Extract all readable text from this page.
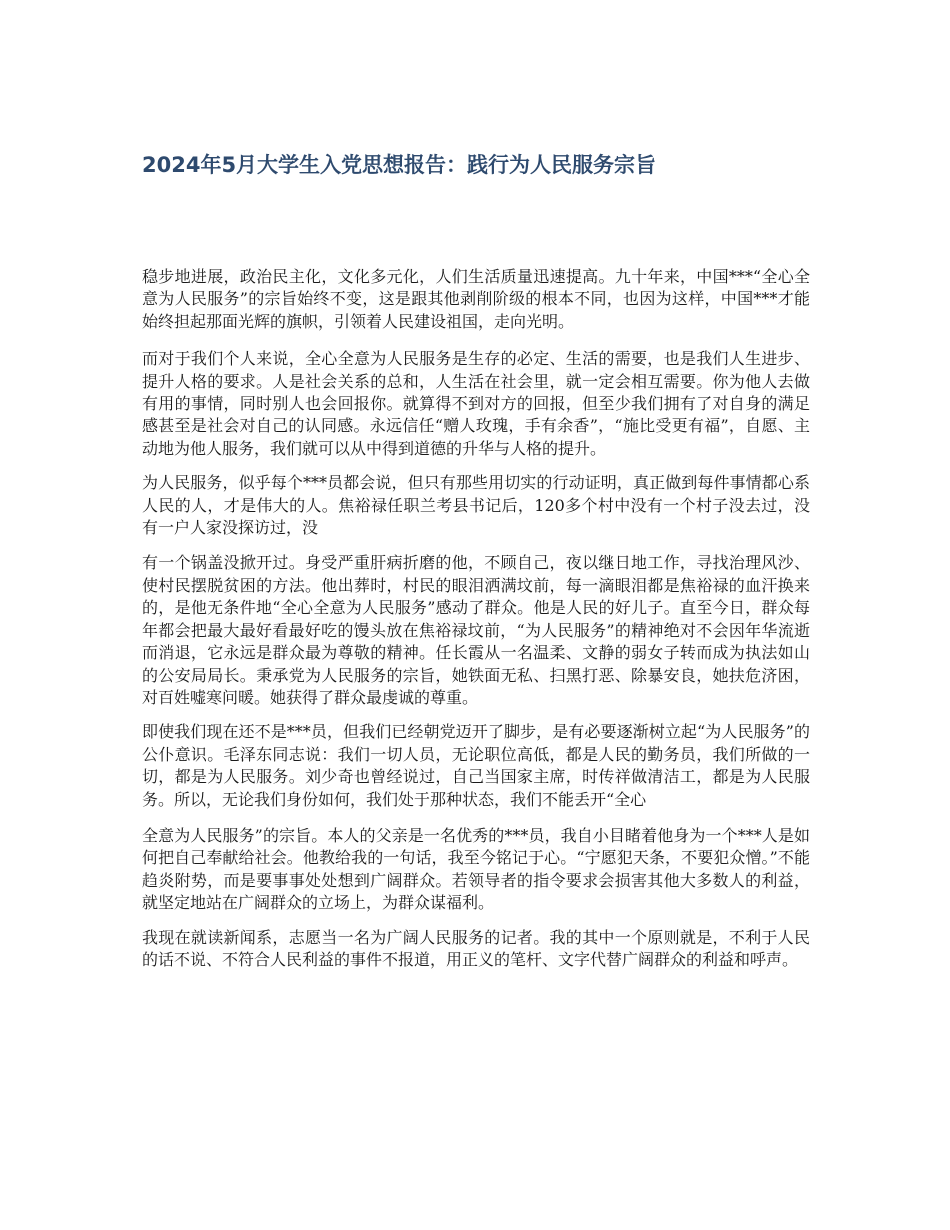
2024年5月大学生入党思想报告：践行为人民服务宗旨

稳步地进展，政治民主化，文化多元化，人们生活质量迅速提高。九十年来，中国***“全心全意为人民服务”的宗旨始终不变，这是跟其他剥削阶级的根本不同，也因为这样，中国***才能始终担起那面光辉的旗帜，引领着人民建设祖国，走向光明。

而对于我们个人来说，全心全意为人民服务是生存的必定、生活的需要，也是我们人生进步、提升人格的要求。人是社会关系的总和，人生活在社会里，就一定会相互需要。你为他人去做有用的事情，同时别人也会回报你。就算得不到对方的回报，但至少我们拥有了对自身的满足感甚至是社会对自己的认同感。永远信任“赠人玫瑰，手有余香”，“施比受更有福”，自愿、主动地为他人服务，我们就可以从中得到道德的升华与人格的提升。

为人民服务，似乎每个***员都会说，但只有那些用切实的行动证明，真正做到每件事情都心系人民的人，才是伟大的人。焦裕禄任职兰考县书记后，120多个村中没有一个村子没去过，没有一户人家没探访过，没

有一个锅盖没掀开过。身受严重肝病折磨的他，不顾自己，夜以继日地工作，寻找治理风沙、使村民摆脱贫困的方法。他出葬时，村民的眼泪洒满坟前，每一滴眼泪都是焦裕禄的血汗换来的，是他无条件地“全心全意为人民服务”感动了群众。他是人民的好儿子。直至今日，群众每年都会把最大最好看最好吃的馒头放在焦裕禄坟前，“为人民服务”的精神绝对不会因年华流逝而消退，它永远是群众最为尊敬的精神。任长霞从一名温柔、文静的弱女子转而成为执法如山的公安局局长。秉承党为人民服务的宗旨，她铁面无私、扫黑打恶、除暴安良，她扶危济困，对百姓嘘寒问暖。她获得了群众最虔诚的尊重。

即使我们现在还不是***员，但我们已经朝党迈开了脚步，是有必要逐渐树立起“为人民服务”的公仆意识。毛泽东同志说：我们一切人员，无论职位高低，都是人民的勤务员，我们所做的一切，都是为人民服务。刘少奇也曾经说过，自己当国家主席，时传祥做清洁工，都是为人民服务。所以，无论我们身份如何，我们处于那种状态，我们不能丢开“全心

全意为人民服务”的宗旨。本人的父亲是一名优秀的***员，我自小目睹着他身为一个***人是如何把自己奉献给社会。他教给我的一句话，我至今铭记于心。“宁愿犯天条，不要犯众憎。”不能趋炎附势，而是要事事处处想到广阔群众。若领导者的指令要求会损害其他大多数人的利益，就坚定地站在广阔群众的立场上，为群众谋福利。

我现在就读新闻系，志愿当一名为广阔人民服务的记者。我的其中一个原则就是，不利于人民的话不说、不符合人民利益的事件不报道，用正义的笔杆、文字代替广阔群众的利益和呼声。
